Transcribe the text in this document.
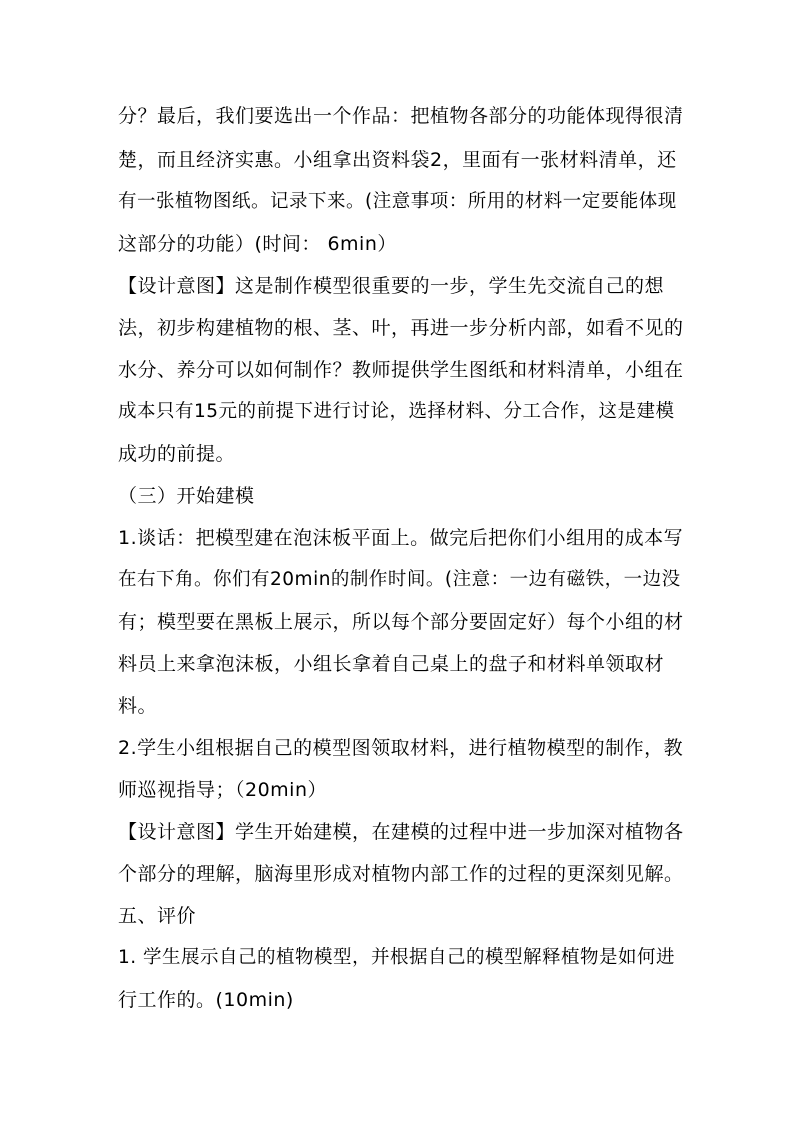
分？最后，我们要选出一个作品：把植物各部分的功能体现得很清
楚，而且经济实惠。小组拿出资料袋2，里面有一张材料清单，还
有一张植物图纸。记录下来。(注意事项：所用的材料一定要能体现
这部分的功能）(时间： 6min）
【设计意图】这是制作模型很重要的一步，学生先交流自己的想
法，初步构建植物的根、茎、叶，再进一步分析内部，如看不见的
水分、养分可以如何制作？教师提供学生图纸和材料清单，小组在
成本只有15元的前提下进行讨论，选择材料、分工合作，这是建模
成功的前提。
（三）开始建模
1.谈话：把模型建在泡沫板平面上。做完后把你们小组用的成本写
在右下角。你们有20min的制作时间。(注意：一边有磁铁，一边没
有；模型要在黑板上展示，所以每个部分要固定好）每个小组的材
料员上来拿泡沫板，小组长拿着自己桌上的盘子和材料单领取材
料。
2.学生小组根据自己的模型图领取材料，进行植物模型的制作，教
师巡视指导；（20min）
【设计意图】学生开始建模，在建模的过程中进一步加深对植物各
个部分的理解，脑海里形成对植物内部工作的过程的更深刻见解。
五、评价
1. 学生展示自己的植物模型，并根据自己的模型解释植物是如何进
行工作的。(10min)
